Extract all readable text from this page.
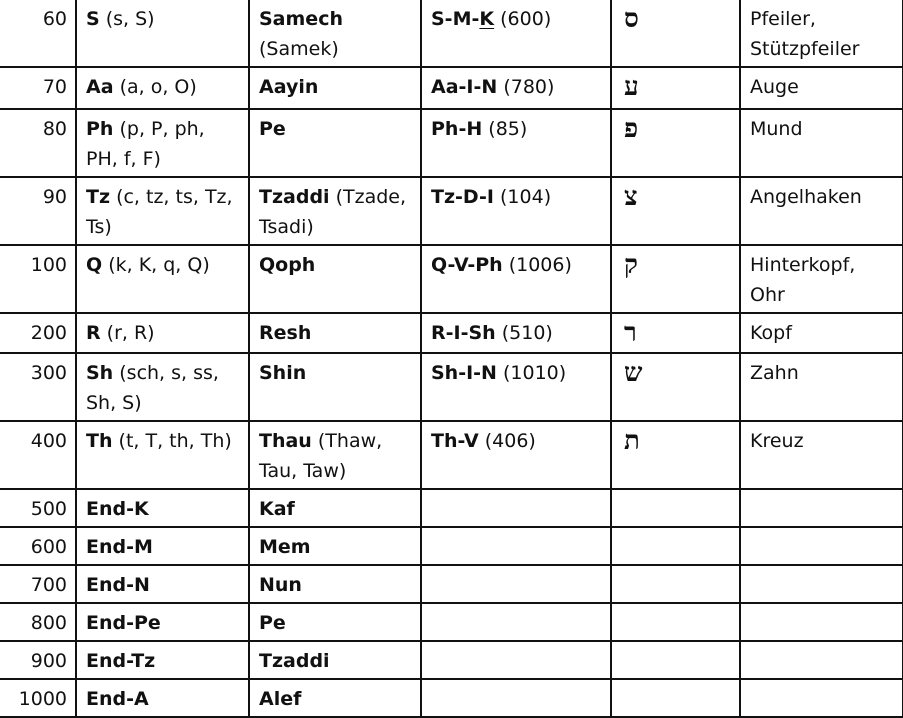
60	S (s, S)	Samech (Samek)	S-M-K (600)	ס	Pfeiler, Stützpfeiler
70	Aa (a, o, O)	Aayin	Aa-I-N (780)	ע	Auge
80	Ph (p, P, ph, PH, f, F)	Pe	Ph-H (85)	פ	Mund
90	Tz (c, tz, ts, Tz, Ts)	Tzaddi (Tzade, Tsadi)	Tz-D-I (104)	צ	Angelhaken
100	Q (k, K, q, Q)	Qoph	Q-V-Ph (1006)	ק	Hinterkopf, Ohr
200	R (r, R)	Resh	R-I-Sh (510)	ר	Kopf
300	Sh (sch, s, ss, Sh, S)	Shin	Sh-I-N (1010)	ש	Zahn
400	Th (t, T, th, Th)	Thau (Thaw, Tau, Taw)	Th-V (406)	ת	Kreuz
500	End-K	Kaf			
600	End-M	Mem			
700	End-N	Nun			
800	End-Pe	Pe			
900	End-Tz	Tzaddi			
1000	End-A	Alef			
